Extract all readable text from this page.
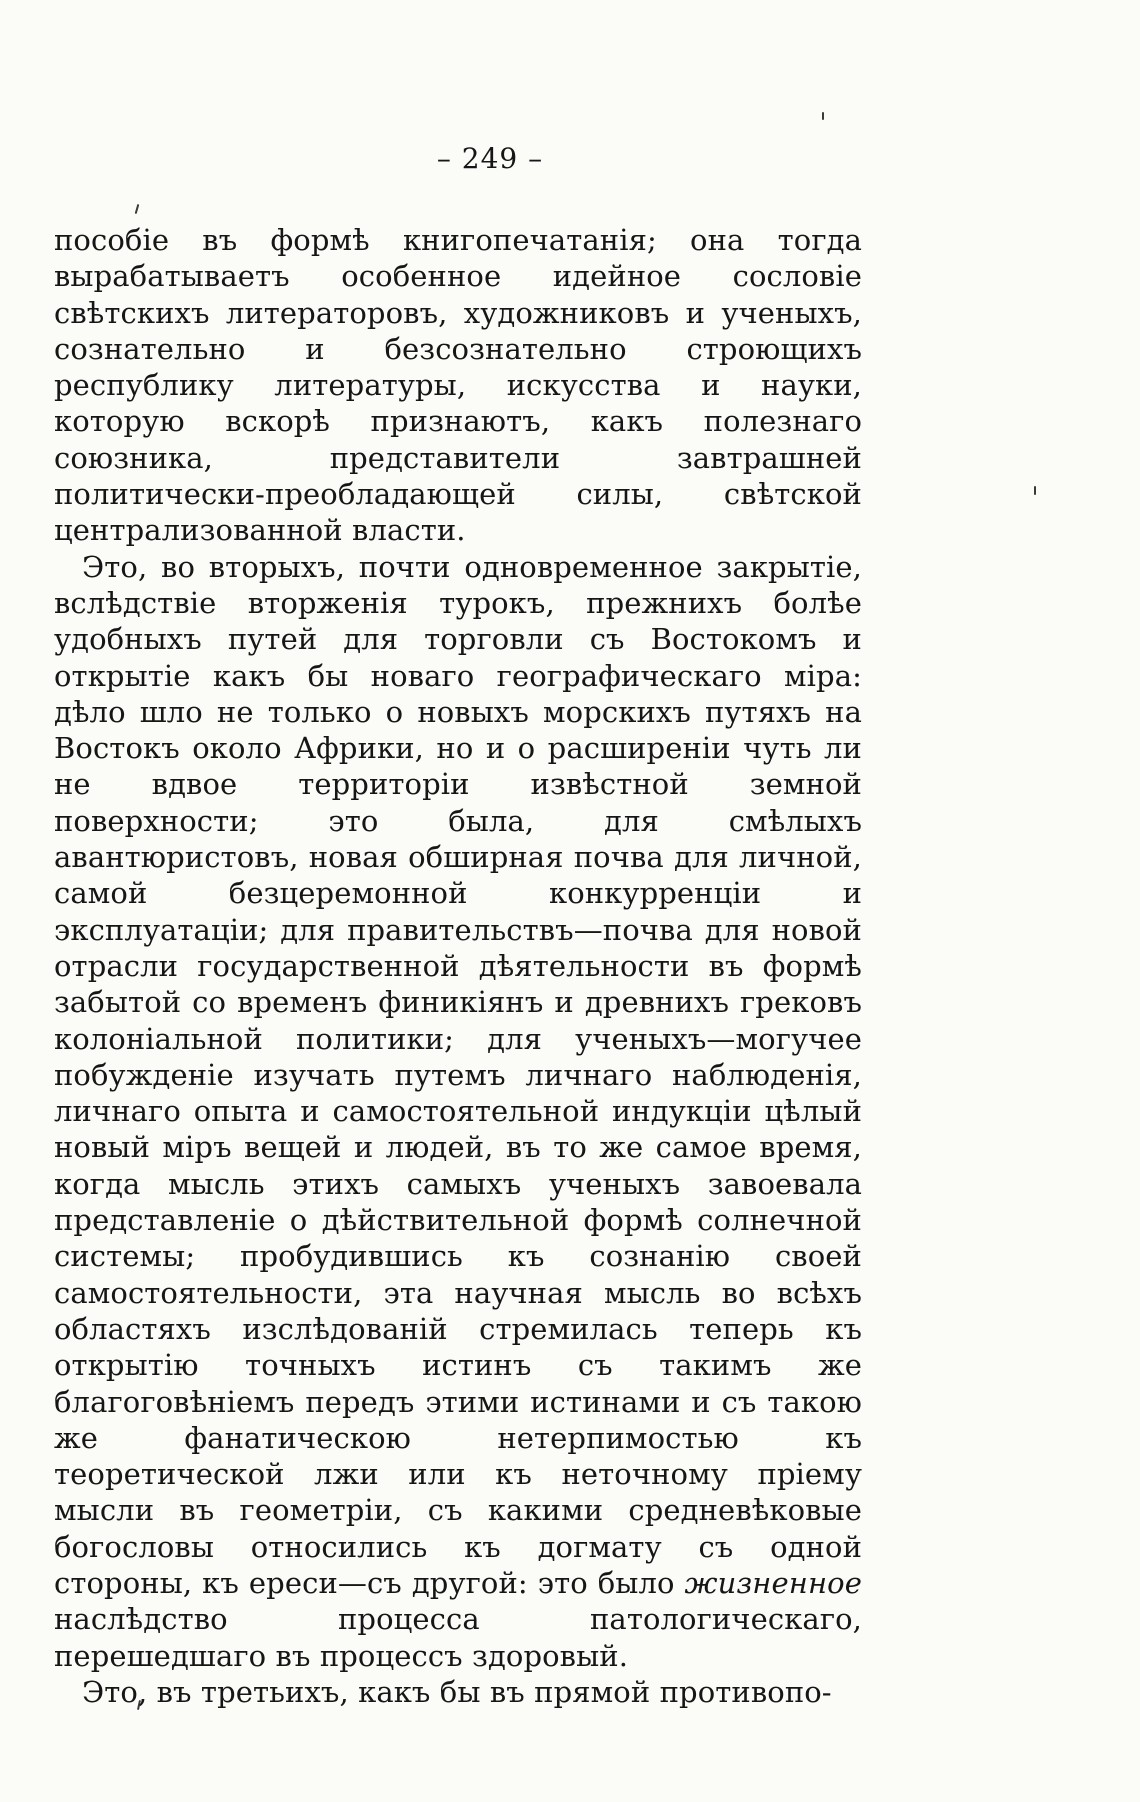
– 249 –

пособіе въ формѣ книгопечатанія; она тогда вырабатываетъ особенное идейное сословіе свѣтскихъ литераторовъ, художниковъ и ученыхъ, сознательно и безсознательно строющихъ республику литературы, искусства и науки, которую вскорѣ признаютъ, какъ полезнаго союзника, представители завтрашней политически-преобладающей силы, свѣтской централизованной власти.

Это, во вторыхъ, почти одновременное закрытіе, вслѣдствіе вторженія турокъ, прежнихъ болѣе удобныхъ путей для торговли съ Востокомъ и открытіе какъ бы новаго географическаго міра: дѣло шло не только о новыхъ морскихъ путяхъ на Востокъ около Африки, но и о расширеніи чуть ли не вдвое территоріи извѣстной земной поверхности; это была, для смѣлыхъ авантюристовъ, новая обширная почва для личной, самой безцеремонной конкурренціи и эксплуатаціи; для правительствъ—почва для новой отрасли государственной дѣятельности въ формѣ забытой со временъ финикіянъ и древнихъ грековъ колоніальной политики; для ученыхъ—могучее побужденіе изучать путемъ личнаго наблюденія, личнаго опыта и самостоятельной индукціи цѣлый новый міръ вещей и людей, въ то же самое время, когда мысль этихъ самыхъ ученыхъ завоевала представленіе о дѣйствительной формѣ солнечной системы; пробудившись къ сознанію своей самостоятельности, эта научная мысль во всѣхъ областяхъ изслѣдованій стремилась теперь къ открытію точныхъ истинъ съ такимъ же благоговѣніемъ передъ этими истинами и съ такою же фанатическою нетерпимостью къ теоретической лжи или къ неточному пріему мысли въ геометріи, съ какими средневѣковые богословы относились къ догмату съ одной стороны, къ ереси—съ другой: это было жизненное наслѣдство процесса патологическаго, перешедшаго въ процессъ здоровый.

Это, въ третьихъ, какъ бы въ прямой противопо-
